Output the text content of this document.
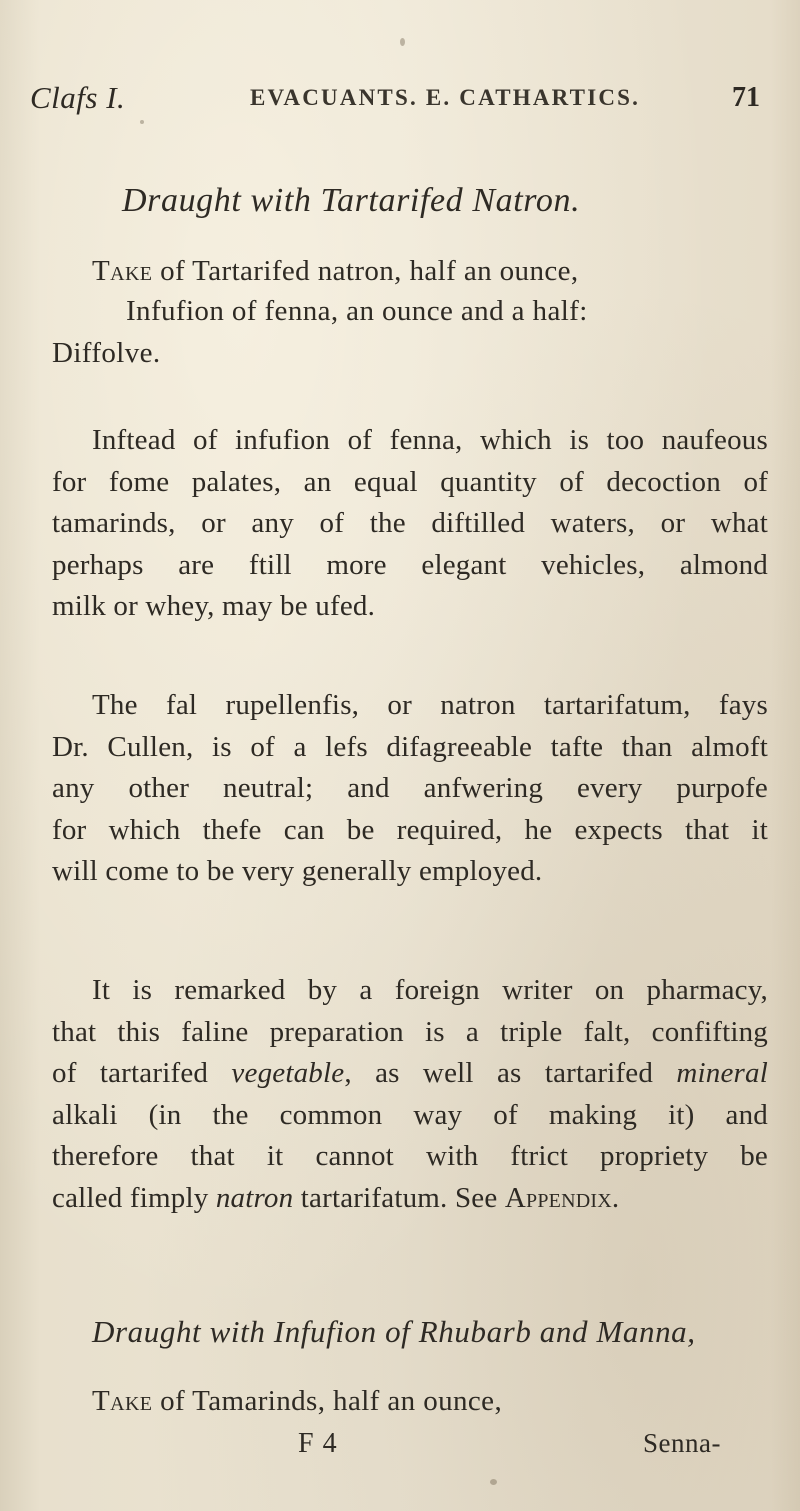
Clafs I.	EVACUANTS. E. CATHARTICS.	71
Draught with Tartarifed Natron.
Take of Tartarifed natron, half an ounce,
Infufion of fenna, an ounce and a half:
Diffolve.
Inftead of infufion of fenna, which is too naufeous
for fome palates, an equal quantity of decoction of
tamarinds, or any of the diftilled waters, or what
perhaps are ftill more elegant vehicles, almond
milk or whey, may be ufed.
The fal rupellenfis, or natron tartarifatum, fays
Dr. Cullen, is of a lefs difagreeable tafte than almoft
any other neutral; and anfwering every purpofe
for which thefe can be required, he expects that it
will come to be very generally employed.
It is remarked by a foreign writer on pharmacy,
that this faline preparation is a triple falt, confifting
of tartarifed vegetable, as well as tartarifed mineral
alkali (in the common way of making it) and
therefore that it cannot with ftrict propriety be
called fimply natron tartarifatum. See Appendix.
Draught with Infufion of Rhubarb and Manna,
Take of Tamarinds, half an ounce,
F 4	Senna-
